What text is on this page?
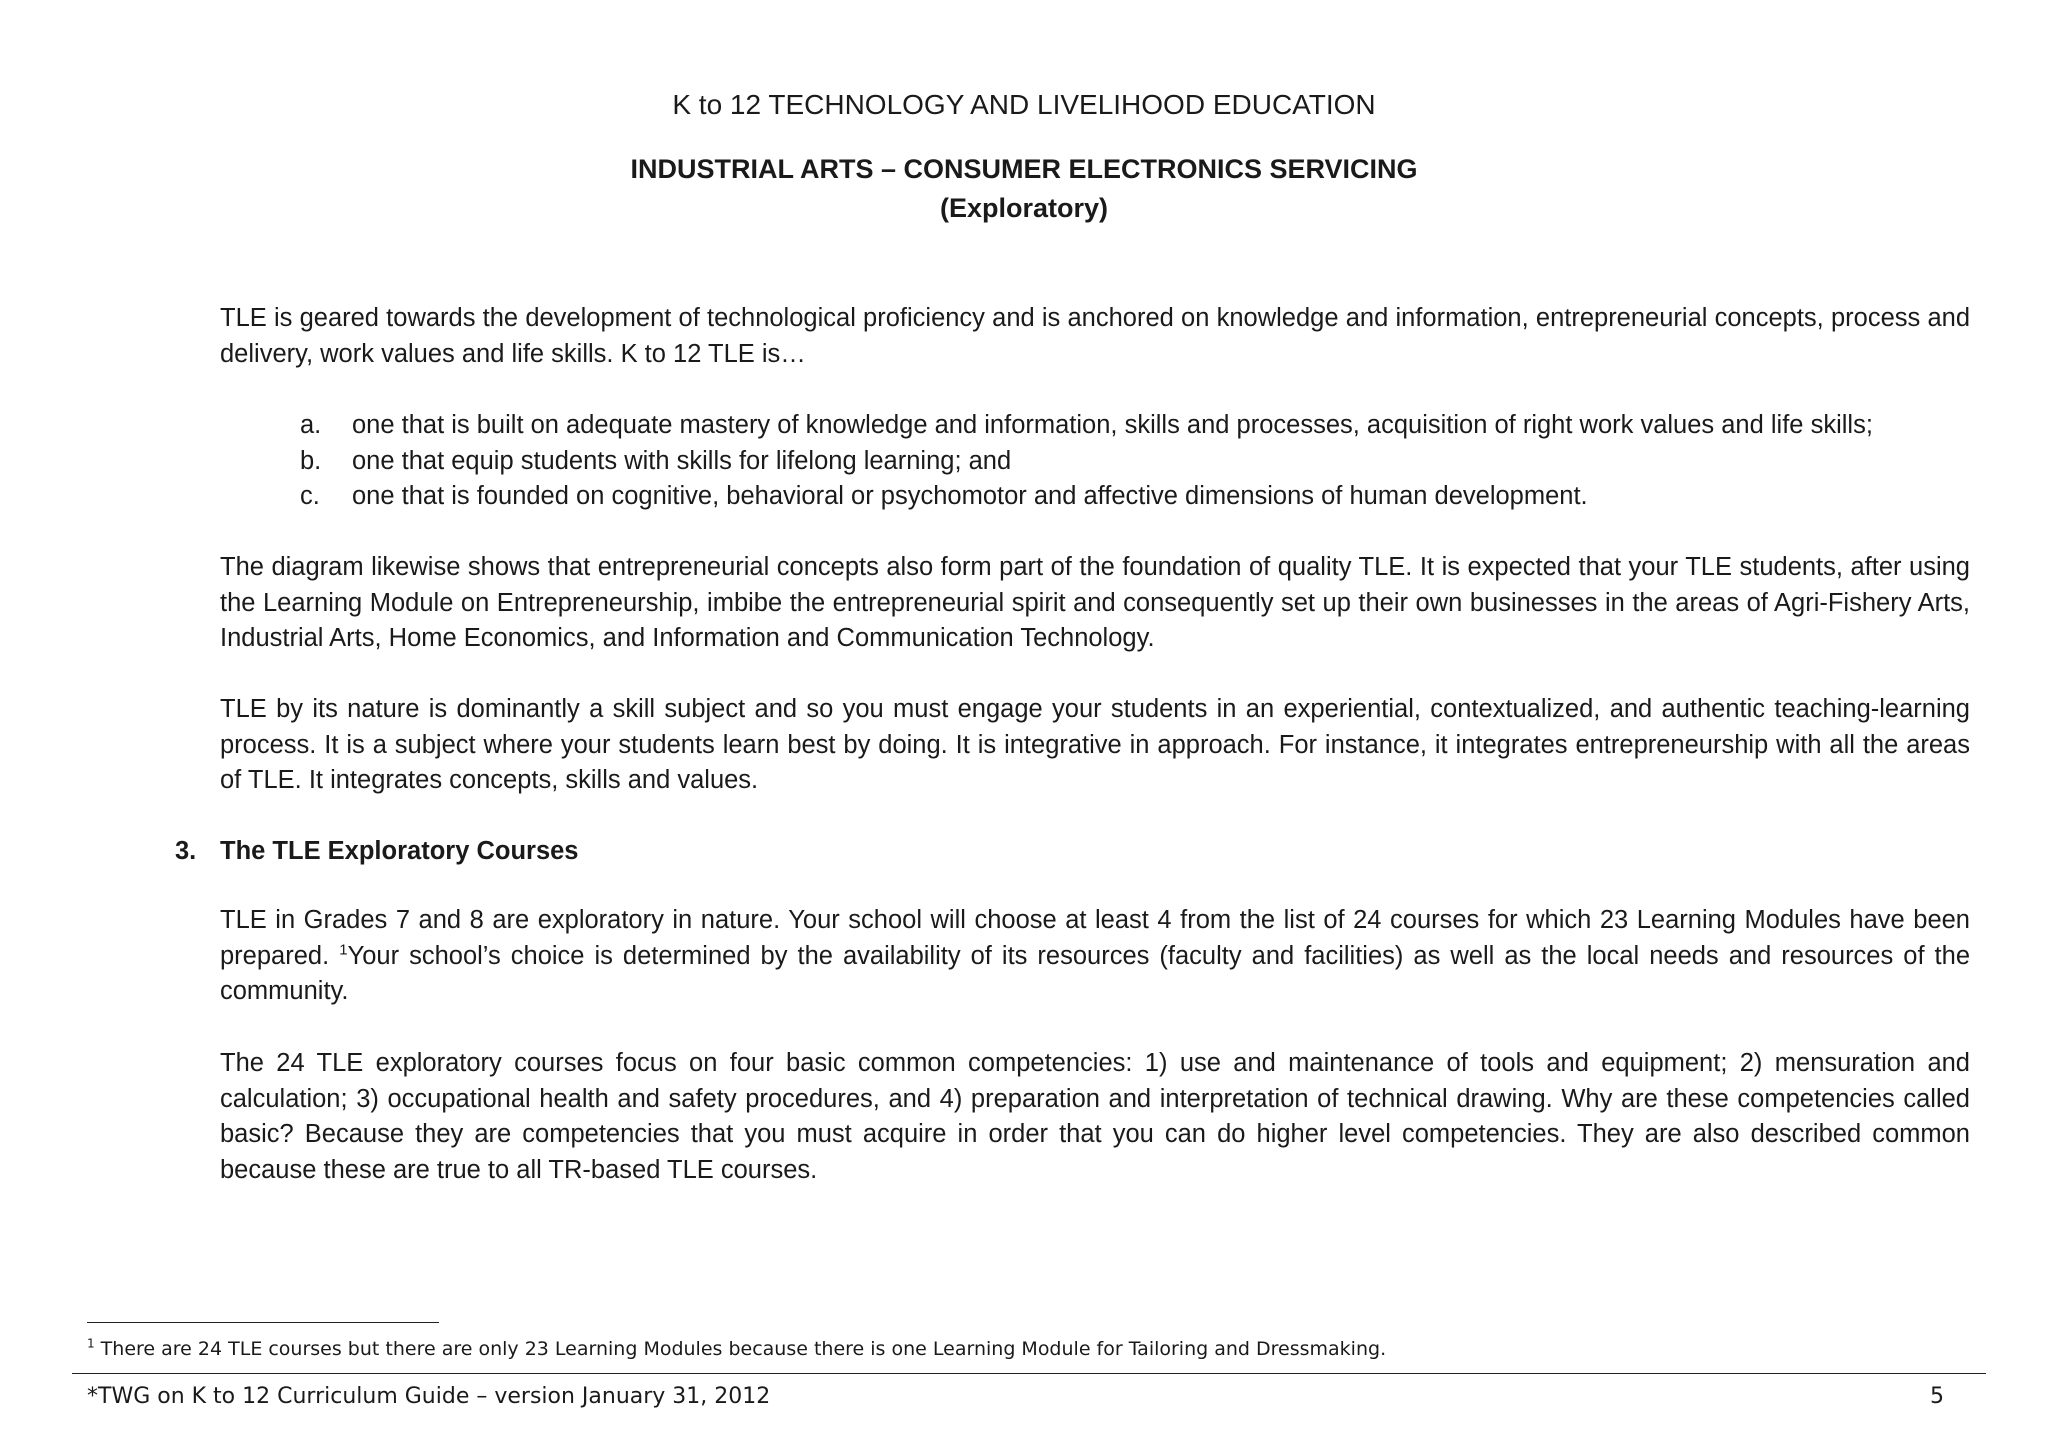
K to 12 TECHNOLOGY AND LIVELIHOOD EDUCATION
INDUSTRIAL ARTS – CONSUMER ELECTRONICS SERVICING
(Exploratory)

TLE is geared towards the development of technological proficiency and is anchored on knowledge and information, entrepreneurial concepts, process and delivery, work values and life skills. K to 12 TLE is…

a.	one that is built on adequate mastery of knowledge and information, skills and processes, acquisition of right work values and life skills;
b.	one that equip students with skills for lifelong learning; and
c.	one that is founded on cognitive, behavioral or psychomotor and affective dimensions of human development.

The diagram likewise shows that entrepreneurial concepts also form part of the foundation of quality TLE. It is expected that your TLE students, after using the Learning Module on Entrepreneurship, imbibe the entrepreneurial spirit and consequently set up their own businesses in the areas of Agri-Fishery Arts, Industrial Arts, Home Economics, and Information and Communication Technology.

TLE by its nature is dominantly a skill subject and so you must engage your students in an experiential, contextualized, and authentic teaching-learning process. It is a subject where your students learn best by doing. It is integrative in approach. For instance, it integrates entrepreneurship with all the areas of TLE. It integrates concepts, skills and values.

3. The TLE Exploratory Courses

TLE in Grades 7 and 8 are exploratory in nature. Your school will choose at least 4 from the list of 24 courses for which 23 Learning Modules have been prepared. $^1$Your school’s choice is determined by the availability of its resources (faculty and facilities) as well as the local needs and resources of the community.

The 24 TLE exploratory courses focus on four basic common competencies: 1) use and maintenance of tools and equipment; 2) mensuration and calculation; 3) occupational health and safety procedures, and 4) preparation and interpretation of technical drawing. Why are these competencies called basic? Because they are competencies that you must acquire in order that you can do higher level competencies. They are also described common because these are true to all TR-based TLE courses.

$^1$ There are 24 TLE courses but there are only 23 Learning Modules because there is one Learning Module for Tailoring and Dressmaking.
*TWG on K to 12 Curriculum Guide – version January 31, 2012	5
